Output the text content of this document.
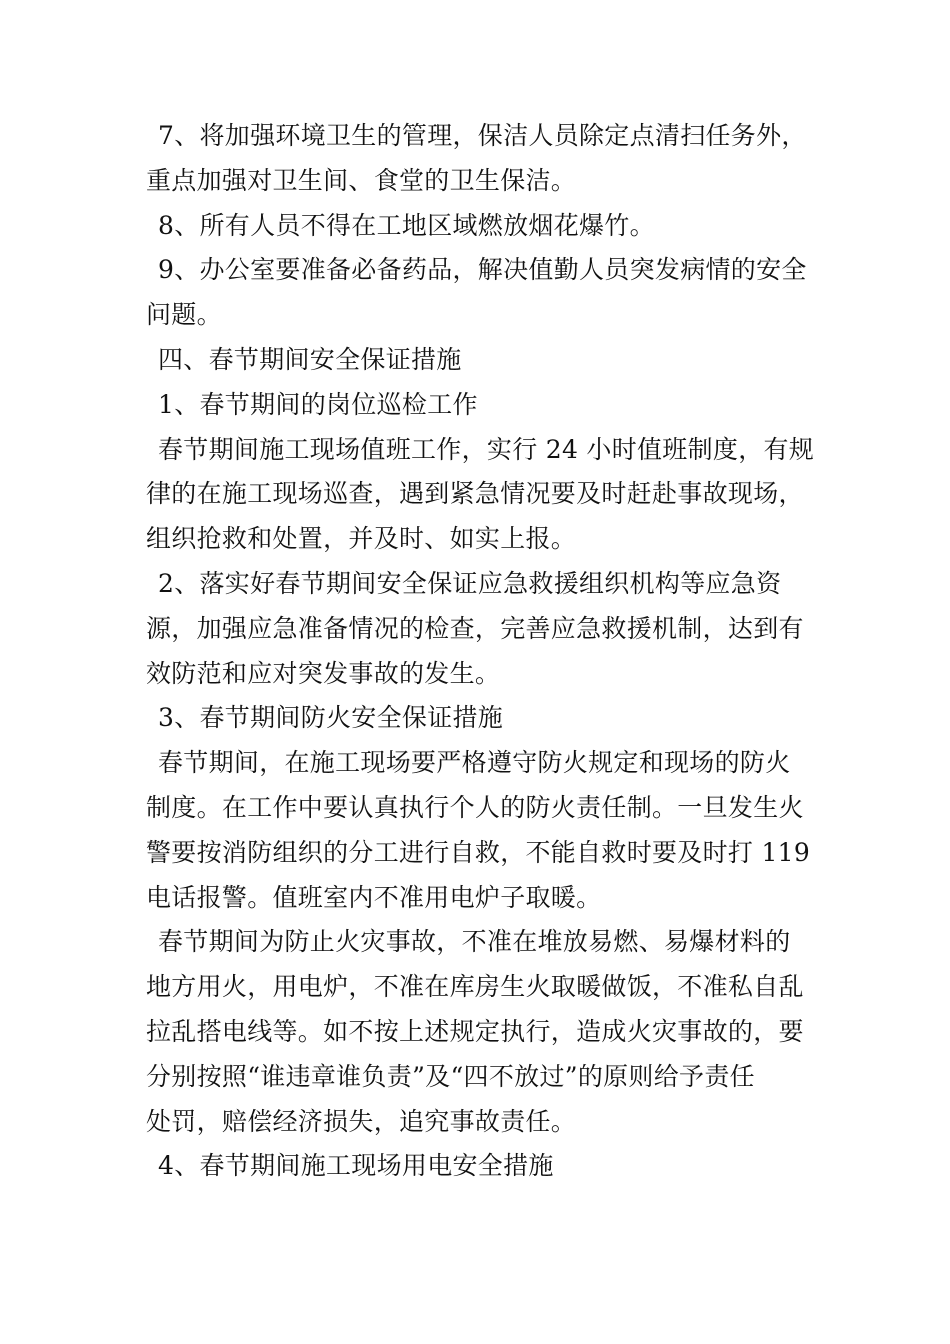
7、将加强环境卫生的管理，保洁人员除定点清扫任务外，
重点加强对卫生间、食堂的卫生保洁。
8、所有人员不得在工地区域燃放烟花爆竹。
9、办公室要准备必备药品，解决值勤人员突发病情的安全
问题。
四、春节期间安全保证措施
1、春节期间的岗位巡检工作
春节期间施工现场值班工作，实行 24 小时值班制度，有规
律的在施工现场巡查，遇到紧急情况要及时赶赴事故现场，
组织抢救和处置，并及时、如实上报。
2、落实好春节期间安全保证应急救援组织机构等应急资
源，加强应急准备情况的检查，完善应急救援机制，达到有
效防范和应对突发事故的发生。
3、春节期间防火安全保证措施
春节期间，在施工现场要严格遵守防火规定和现场的防火
制度。在工作中要认真执行个人的防火责任制。一旦发生火
警要按消防组织的分工进行自救，不能自救时要及时打 119
电话报警。值班室内不准用电炉子取暖。
春节期间为防止火灾事故，不准在堆放易燃、易爆材料的
地方用火，用电炉，不准在库房生火取暖做饭，不准私自乱
拉乱搭电线等。如不按上述规定执行，造成火灾事故的，要
分别按照“谁违章谁负责”及“四不放过”的原则给予责任
处罚，赔偿经济损失，追究事故责任。
4、春节期间施工现场用电安全措施
